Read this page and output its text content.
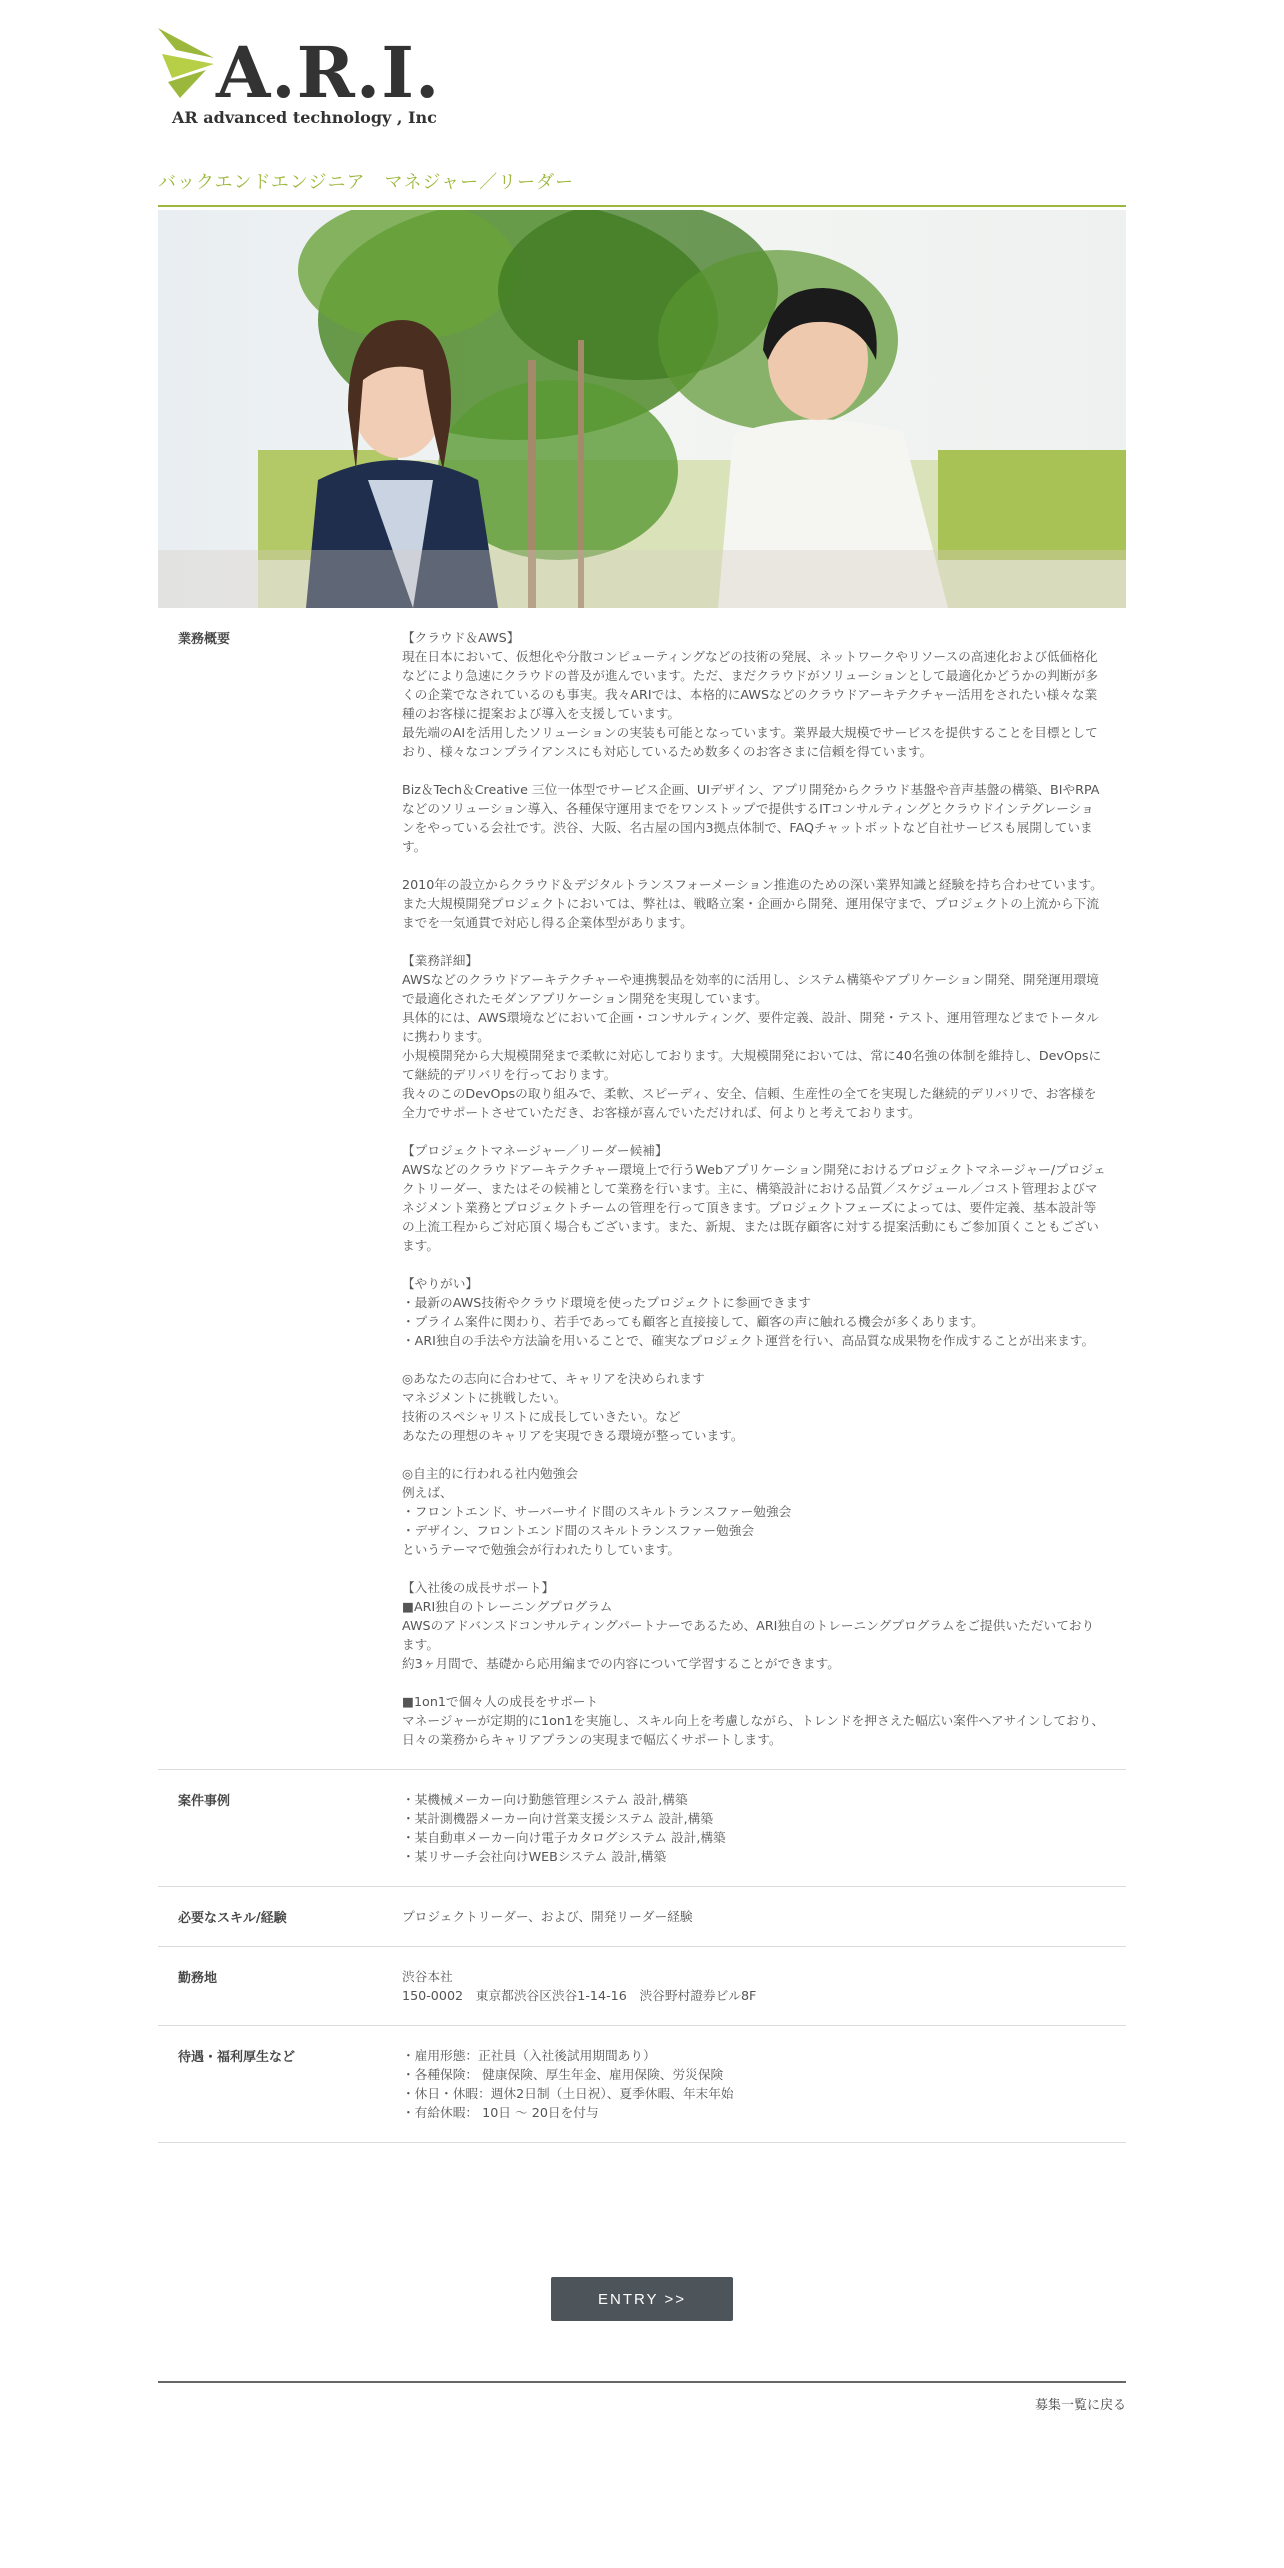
A.R.I.
AR advanced technology , Inc
バックエンドエンジニア　マネジャー／リーダー
業務概要	【クラウド＆AWS】
現在日本において、仮想化や分散コンピューティングなどの技術の発展、ネットワークやリソースの高速化および低価格化などにより急速にクラウドの普及が進んでいます。ただ、まだクラウドがソリューションとして最適化かどうかの判断が多くの企業でなされているのも事実。我々ARIでは、本格的にAWSなどのクラウドアーキテクチャー活用をされたい様々な業種のお客様に提案および導入を支援しています。
最先端のAIを活用したソリューションの実装も可能となっています。業界最大規模でサービスを提供することを目標としており、様々なコンプライアンスにも対応しているため数多くのお客さまに信頼を得ています。

Biz＆Tech＆Creative 三位一体型でサービス企画、UIデザイン、アプリ開発からクラウド基盤や音声基盤の構築、BIやRPAなどのソリューション導入、各種保守運用までをワンストップで提供するITコンサルティングとクラウドインテグレーションをやっている会社です。渋谷、大阪、名古屋の国内3拠点体制で、FAQチャットボットなど自社サービスも展開しています。

2010年の設立からクラウド＆デジタルトランスフォーメーション推進のための深い業界知識と経験を持ち合わせています。また大規模開発プロジェクトにおいては、弊社は、戦略立案・企画から開発、運用保守まで、プロジェクトの上流から下流までを一気通貫で対応し得る企業体型があります。

【業務詳細】
AWSなどのクラウドアーキテクチャーや連携製品を効率的に活用し、システム構築やアプリケーション開発、開発運用環境で最適化されたモダンアプリケーション開発を実現しています。
具体的には、AWS環境などにおいて企画・コンサルティング、要件定義、設計、開発・テスト、運用管理などまでトータルに携わります。
小規模開発から大規模開発まで柔軟に対応しております。大規模開発においては、常に40名強の体制を維持し、DevOpsにて継続的デリバリを行っております。
我々のこのDevOpsの取り組みで、柔軟、スピーディ、安全、信頼、生産性の全てを実現した継続的デリバリで、お客様を全力でサポートさせていただき、お客様が喜んでいただければ、何よりと考えております。

【プロジェクトマネージャー／リーダー候補】
AWSなどのクラウドアーキテクチャー環境上で行うWebアプリケーション開発におけるプロジェクトマネージャー/プロジェクトリーダー、またはその候補として業務を行います。主に、構築設計における品質／スケジュール／コスト管理およびマネジメント業務とプロジェクトチームの管理を行って頂きます。プロジェクトフェーズによっては、要件定義、基本設計等の上流工程からご対応頂く場合もございます。また、新規、または既存顧客に対する提案活動にもご参加頂くこともございます。

【やりがい】
・最新のAWS技術やクラウド環境を使ったプロジェクトに参画できます
・プライム案件に関わり、若手であっても顧客と直接接して、顧客の声に触れる機会が多くあります。
・ARI独自の手法や方法論を用いることで、確実なプロジェクト運営を行い、高品質な成果物を作成することが出来ます。

◎あなたの志向に合わせて、キャリアを決められます
マネジメントに挑戦したい。
技術のスペシャリストに成長していきたい。など
あなたの理想のキャリアを実現できる環境が整っています。

◎自主的に行われる社内勉強会
例えば、
・フロントエンド、サーバーサイド間のスキルトランスファー勉強会
・デザイン、フロントエンド間のスキルトランスファー勉強会
というテーマで勉強会が行われたりしています。

【入社後の成長サポート】
■ARI独自のトレーニングプログラム
AWSのアドバンスドコンサルティングパートナーであるため、ARI独自のトレーニングプログラムをご提供いただいております。
約3ヶ月間で、基礎から応用編までの内容について学習することができます。

■1on1で個々人の成長をサポート
マネージャーが定期的に1on1を実施し、スキル向上を考慮しながら、トレンドを押さえた幅広い案件へアサインしており、日々の業務からキャリアプランの実現まで幅広くサポートします。

案件事例	・某機械メーカー向け勤態管理システム 設計,構築
・某計測機器メーカー向け営業支援システム 設計,構築
・某自動車メーカー向け電子カタログシステム 設計,構築
・某リサーチ会社向けWEBシステム 設計,構築

必要なスキル/経験	プロジェクトリーダー、および、開発リーダー経験

勤務地	渋谷本社
150-0002　東京都渋谷区渋谷1-14-16　渋谷野村證券ビル8F

待遇・福利厚生など	・雇用形態：正社員（入社後試用期間あり）
・各種保険： 健康保険、厚生年金、雇用保険、労災保険
・休日・休暇：週休2日制（土日祝）、夏季休暇、年末年始
・有給休暇： 10日 ～ 20日を付与

ENTRY >>
募集一覧に戻る
